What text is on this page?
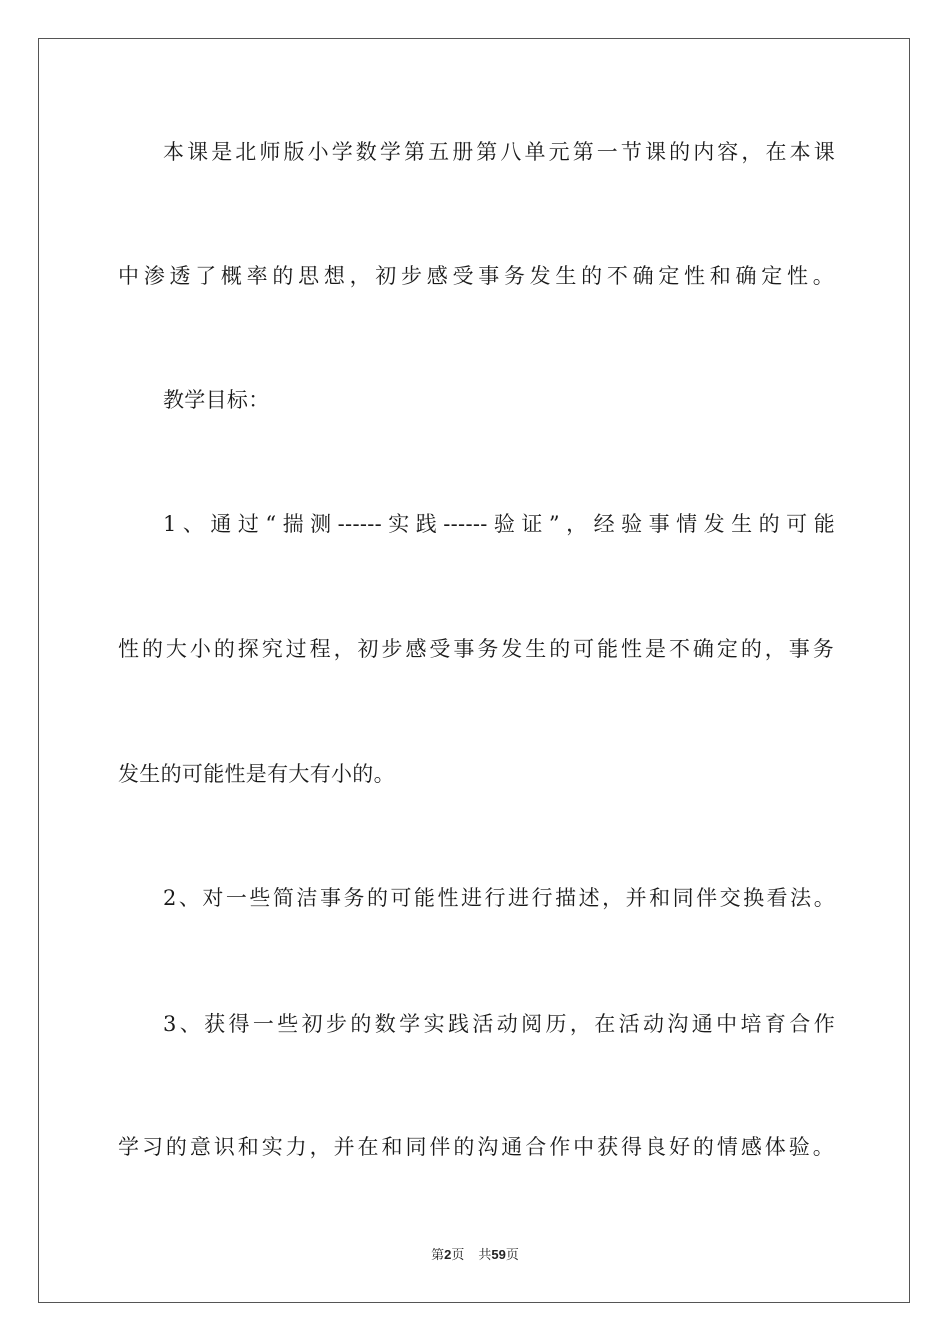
本课是北师版小学数学第五册第八单元第一节课的内容，在本课
中渗透了概率的思想，初步感受事务发生的不确定性和确定性。
教学目标：
1、通过“揣测------实践------验证”，经验事情发生的可能
性的大小的探究过程，初步感受事务发生的可能性是不确定的，事务
发生的可能性是有大有小的。
2、对一些简洁事务的可能性进行进行描述，并和同伴交换看法。
3、获得一些初步的数学实践活动阅历，在活动沟通中培育合作
学习的意识和实力，并在和同伴的沟通合作中获得良好的情感体验。
第2页 共59页
